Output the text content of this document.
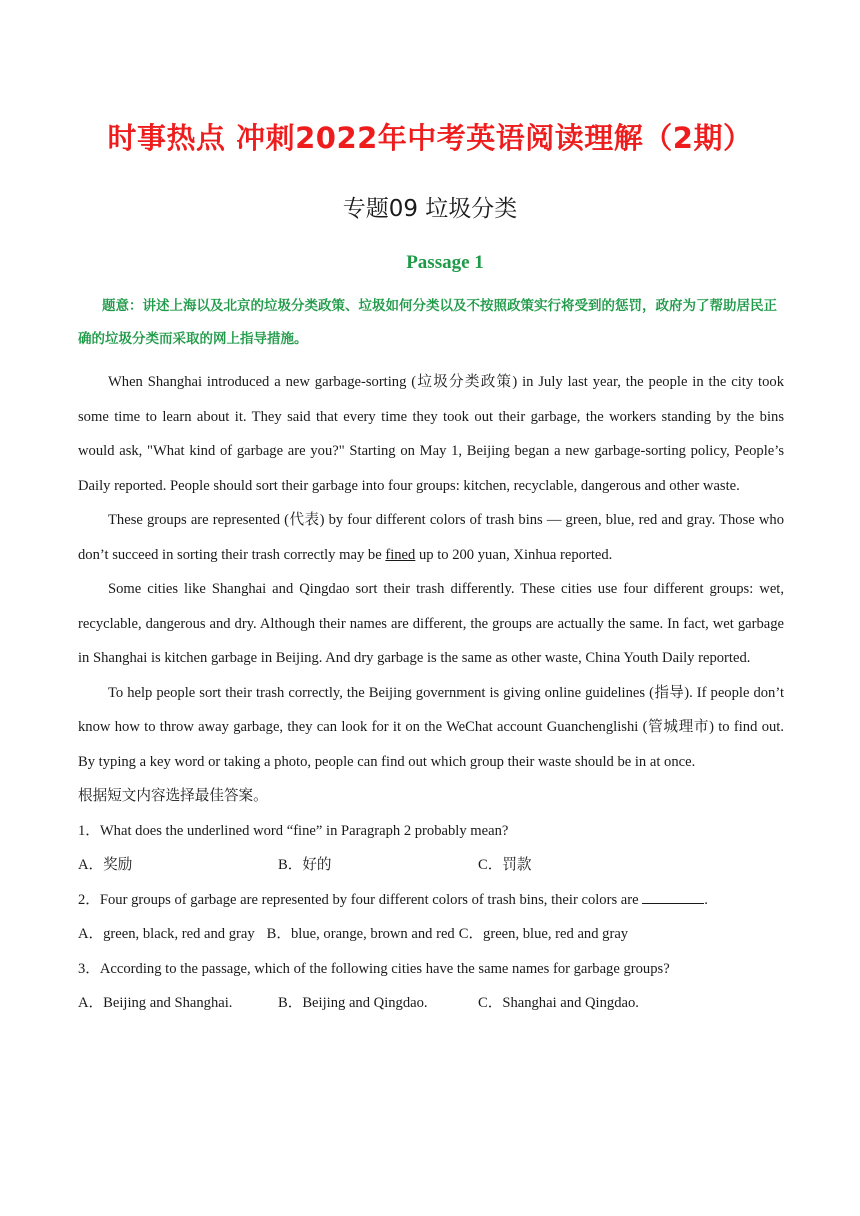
时事热点 冲刺2022年中考英语阅读理解（2期）
专题09 垃圾分类
Passage 1
题意：讲述上海以及北京的垃圾分类政策、垃圾如何分类以及不按照政策实行将受到的惩罚，政府为了帮助居民正确的垃圾分类而采取的网上指导措施。

When Shanghai introduced a new garbage-sorting (垃圾分类政策) in July last year, the people in the city took some time to learn about it. They said that every time they took out their garbage, the workers standing by the bins would ask, "What kind of garbage are you?" Starting on May 1, Beijing began a new garbage-sorting policy, People’s Daily reported. People should sort their garbage into four groups: kitchen, recyclable, dangerous and other waste.

These groups are represented (代表) by four different colors of trash bins — green, blue, red and gray. Those who don’t succeed in sorting their trash correctly may be fined up to 200 yuan, Xinhua reported.

Some cities like Shanghai and Qingdao sort their trash differently. These cities use four different groups: wet, recyclable, dangerous and dry. Although their names are different, the groups are actually the same. In fact, wet garbage in Shanghai is kitchen garbage in Beijing. And dry garbage is the same as other waste, China Youth Daily reported.

To help people sort their trash correctly, the Beijing government is giving online guidelines (指导). If people don’t know how to throw away garbage, they can look for it on the WeChat account Guanchenglishi (管城理市) to find out. By typing a key word or taking a photo, people can find out which group their waste should be in at once.

根据短文内容选择最佳答案。
1．What does the underlined word “fine” in Paragraph 2 probably mean?
A．奖励	B．好的	C．罚款
2．Four groups of garbage are represented by four different colors of trash bins, their colors are	.
A．green, black, red and gray B．blue, orange, brown and red C．green, blue, red and gray
3．According to the passage, which of the following cities have the same names for garbage groups?
A．Beijing and Shanghai.	B．Beijing and Qingdao.	C．Shanghai and Qingdao.
